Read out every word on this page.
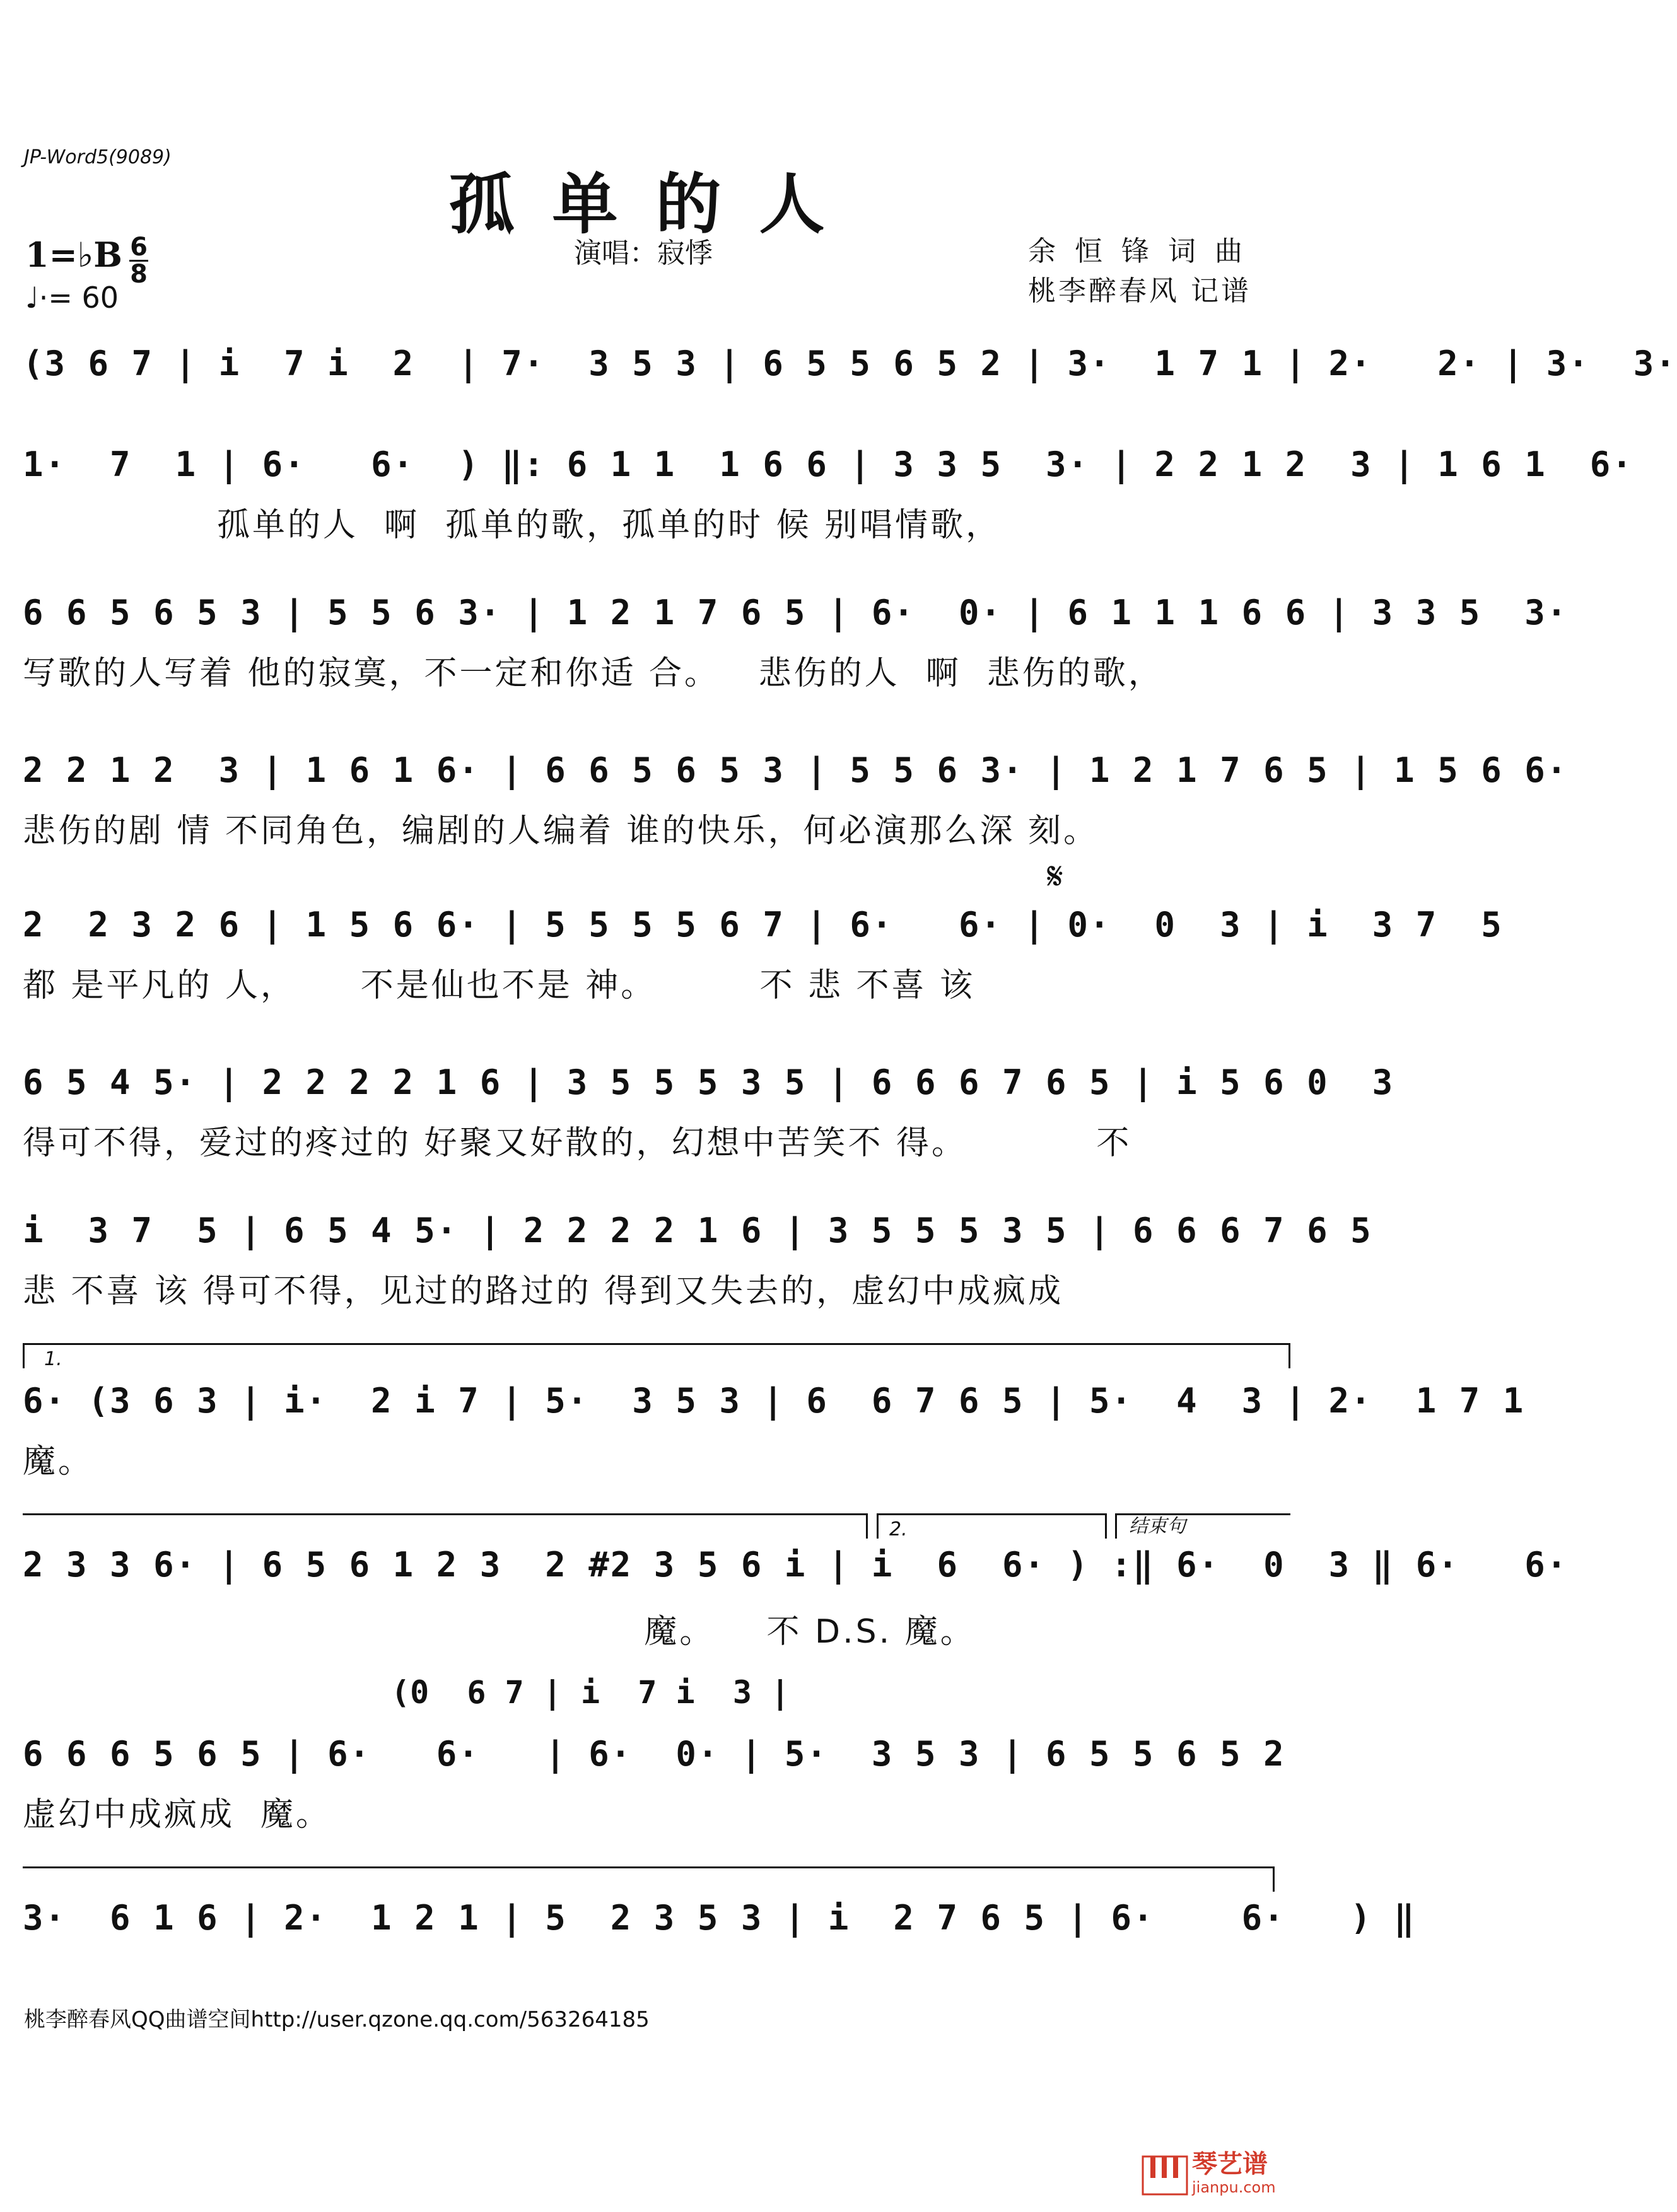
JP-Word5(9089)
孤单的人
1=♭B 6
8
♩·= 60
演唱：寂悸	余恒锋词曲
桃李醉春风 记谱
𝄋
(3 6 7 | i  7 i  2  | 7·  3 5 3 | 6 5 5 6 5 2 | 3·  1 7 1 | 2·   2· | 3·  3·
1·  7  1 | 6·   6·  ) ‖: 6 1 1  1 6 6 | 3 3 5  3· | 2 2 1 2  3 | 1 6 1  6·
孤单的人  啊  孤单的歌，孤单的时 候 别唱情歌，
6 6 5 6 5 3 | 5 5 6 3· | 1 2 1 7 6 5 | 6·  0· | 6 1 1 1 6 6 | 3 3 5  3·
写歌的人写着 他的寂寞，不一定和你适 合。   悲伤的人  啊  悲伤的歌，
2 2 1 2  3 | 1 6 1 6· | 6 6 5 6 5 3 | 5 5 6 3· | 1 2 1 7 6 5 | 1 5 6 6·
悲伤的剧 情 不同角色，编剧的人编着 谁的快乐，何必演那么深 刻。
2  2 3 2 6 | 1 5 6 6· | 5 5 5 5 6 7 | 6·   6· | 0·  0  3 | i  3 7  5
都 是平凡的 人，     不是仙也不是 神。        不 悲 不喜 该
6 5 4 5· | 2 2 2 2 1 6 | 3 5 5 5 3 5 | 6 6 6 7 6 5 | i 5 6 0  3
得可不得，爱过的疼过的 好聚又好散的，幻想中苦笑不 得。          不
i  3 7  5 | 6 5 4 5· | 2 2 2 2 1 6 | 3 5 5 5 3 5 | 6 6 6 7 6 5
悲 不喜 该 得可不得，见过的路过的 得到又失去的，虚幻中成疯成
1.
6· (3 6 3 | i·  2 i 7 | 5·  3 5 3 | 6  6 7 6 5 | 5·  4  3 | 2·  1 7 1
魔。
2.	结束句
2 3 3 6· | 6 5 6 1 2 3  2 #2 3 5 6 i | i  6  6· ) :‖ 6·  0  3 ‖ 6·   6·
魔。    不 D.S. 魔。
(0  6 7 | i  7 i  3 |
6 6 6 5 6 5 | 6·   6·   | 6·  0· | 5·  3 5 3 | 6 5 5 6 5 2
虚幻中成疯成  魔。
3·  6 1 6 | 2·  1 2 1 | 5  2 3 5 3 | i  2 7 6 5 | 6·    6·   ) ‖
桃李醉春风QQ曲谱空间http://user.qzone.qq.com/563264185
琴艺谱
jianpu.com
